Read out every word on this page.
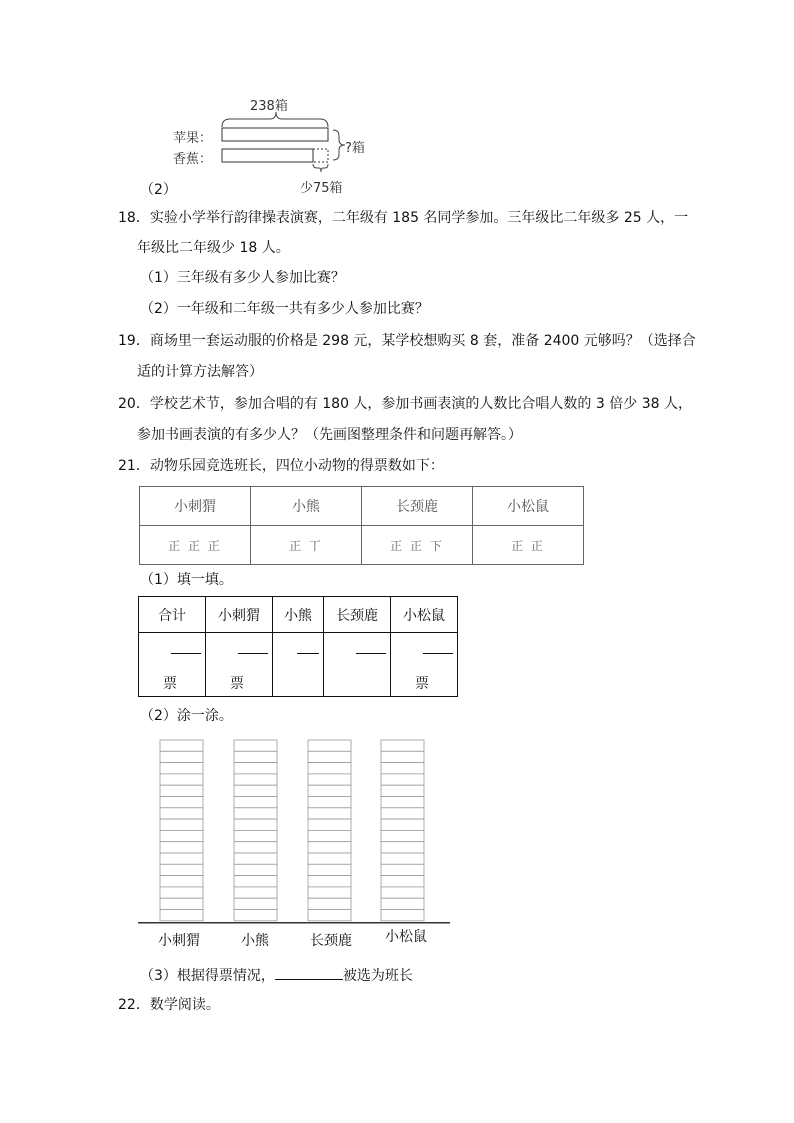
238箱
苹果：
香蕉：
?箱
少75箱
（2）
18．实验小学举行韵律操表演赛，二年级有 185 名同学参加。三年级比二年级多 25 人，一
年级比二年级少 18 人。
（1）三年级有多少人参加比赛？
（2）一年级和二年级一共有多少人参加比赛？
19．商场里一套运动服的价格是 298 元，某学校想购买 8 套，准备 2400 元够吗？（选择合
适的计算方法解答）
20．学校艺术节，参加合唱的有 180 人，参加书画表演的人数比合唱人数的 3 倍少 38 人，
参加书画表演的有多少人？（先画图整理条件和问题再解答。）
21．动物乐园竞选班长，四位小动物的得票数如下：
小刺猬	小熊	长颈鹿	小松鼠
正 正 正	正 丅	正 正 下	正 正
（1）填一填。
合计	小刺猬	小熊	长颈鹿	小松鼠

票	票			票
（2）涂一涂。
小刺猬	小熊	长颈鹿 小松鼠
（3）根据得票情况，	被选为班长
22．数学阅读。
